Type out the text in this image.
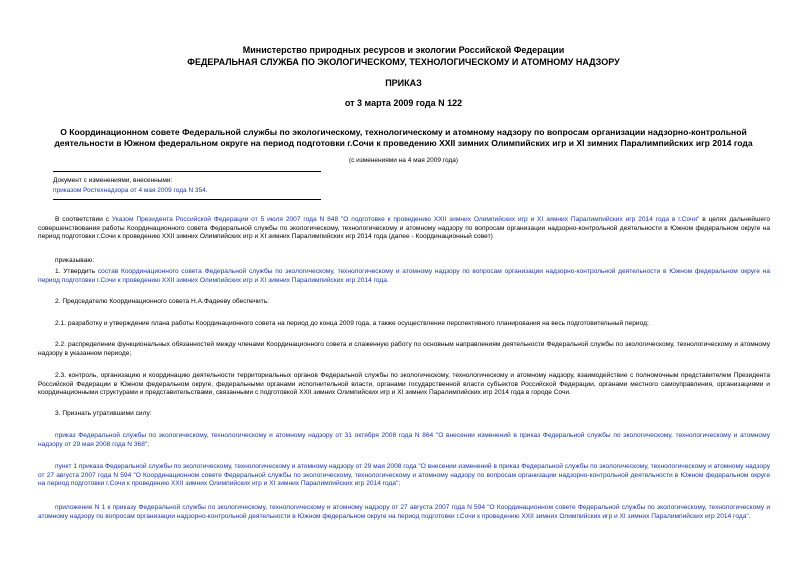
Министерство природных ресурсов и экологии Российской Федерации
ФЕДЕРАЛЬНАЯ СЛУЖБА ПО ЭКОЛОГИЧЕСКОМУ, ТЕХНОЛОГИЧЕСКОМУ И АТОМНОМУ НАДЗОРУ
ПРИКАЗ
от 3 марта 2009 года N 122
О Координационном совете Федеральной службы по экологическому, технологическому и атомному надзору по вопросам организации надзорно-контрольной
деятельности в Южном федеральном округе на период подготовки г.Сочи к проведению XXII зимних Олимпийских игр и XI зимних Паралимпийских игр 2014 года
(с изменениями на 4 мая 2009 года)
Документ с изменениями, внесенными:
приказом Ростехнадзора от 4 мая 2009 года N 354.
В соответствии с Указом Президента Российской Федерации от 5 июля 2007 года N 848 "О подготовке к проведению XXII зимних Олимпийских игр и XI зимних Паралимпийских игр 2014 года в г.Сочи" в целях дальнейшего совершенствования работы Координационного совета Федеральной службы по экологическому, технологическому и атомному надзору по вопросам организации надзорно-контрольной деятельности в Южном федеральном округе на период подготовки г.Сочи к проведению XXII зимних Олимпийских игр и XI зимних Паралимпийских игр 2014 года (далее - Координационный совет)
приказываю:
1. Утвердить состав Координационного совета Федеральной службы по экологическому, технологическому и атомному надзору по вопросам организации надзорно-контрольной деятельности в Южном федеральном округе на период подготовки г.Сочи к проведению XXII зимних Олимпийских игр и XI зимних Паралимпийских игр 2014 года.
2. Председателю Координационного совета Н.А.Фадееву обеспечить:
2.1. разработку и утверждение плана работы Координационного совета на период до конца 2009 года, а также осуществление перспективного планирования на весь подготовительный период;
2.2. распределение функциональных обязанностей между членами Координационного совета и слаженную работу по основным направлениям деятельности Федеральной службы по экологическому, технологическому и атомному надзору в указанном периоде;
2.3. контроль, организацию и координацию деятельности территориальных органов Федеральной службы по экологическому, технологическому и атомному надзору, взаимодействие с полномочным представителем Президента Российской Федерации в Южном федеральном округе, федеральными органами исполнительной власти, органами государственной власти субъектов Российской Федерации, органами местного самоуправления, организациями и координационными структурами и представительствами, связанными с подготовкой XXII зимних Олимпийских игр и XI зимних Паралимпийских игр 2014 года в городе Сочи.
3. Признать утратившими силу:
приказ Федеральной службы по экологическому, технологическому и атомному надзору от 31 октября 2008 года N 864 "О внесении изменений в приказ Федеральной службы по экологическому, технологическому и атомному надзору от 29 мая 2008 года N 368";
пункт 1 приказа Федеральной службы по экологическому, технологическому и атомному надзору от 29 мая 2008 года "О внесении изменений в приказ Федеральной службы по экологическому, технологическому и атомному надзору от 27 августа 2007 года N 594 "О Координационном совете Федеральной службы по экологическому, технологическому и атомному надзору по вопросам организации надзорно-контрольной деятельности в Южном федеральном округе на период подготовки г.Сочи к проведению XXII зимних Олимпийских игр и XI зимних Паралимпийских игр 2014 года";
приложение N 1 к приказу Федеральной службы по экологическому, технологическому и атомному надзору от 27 августа 2007 года N 594 "О Координационном совете Федеральной службы по экологическому, технологическому и атомному надзору по вопросам организации надзорно-контрольной деятельности в Южном федеральном округе на период подготовки г.Сочи к проведению XXII зимних Олимпийских игр и XI зимних Паралимпийских игр 2014 года".
